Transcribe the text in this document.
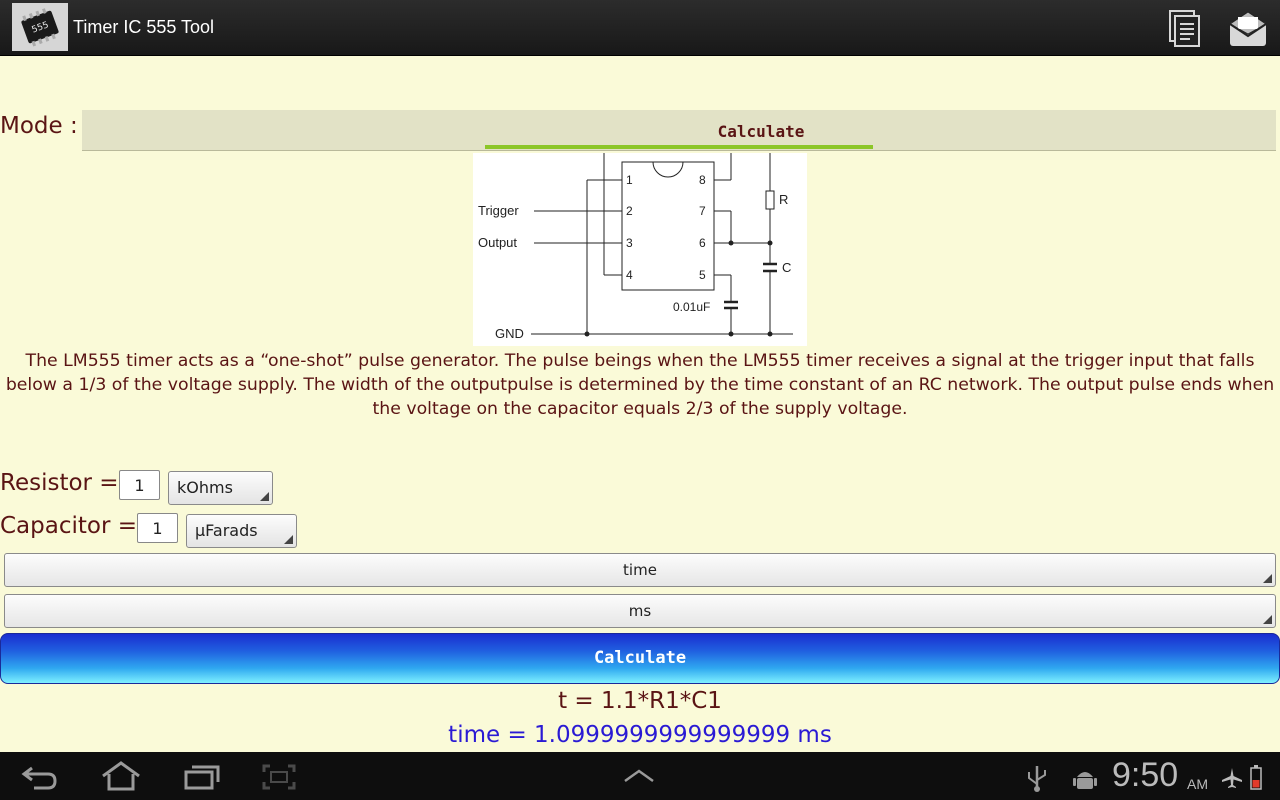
555 Timer IC 555 Tool
Mode :	Calculate
1
2
3
4	5
6
7
8
Trigger
Output
GND
R
C
0.01uF
The LM555 timer acts as a “one-shot” pulse generator. The pulse beings when the LM555 timer receives a signal at the trigger input that falls below a 1/3 of the voltage supply. The width of the outputpulse is determined by the time constant of an RC network. The output pulse ends when the voltage on the capacitor equals 2/3 of the supply voltage.
Resistor = 1	kOhms
Capacitor = 1	μFarads
time
ms
Calculate
t = 1.1*R1*C1
time = 1.0999999999999999 ms
9:50 AM
